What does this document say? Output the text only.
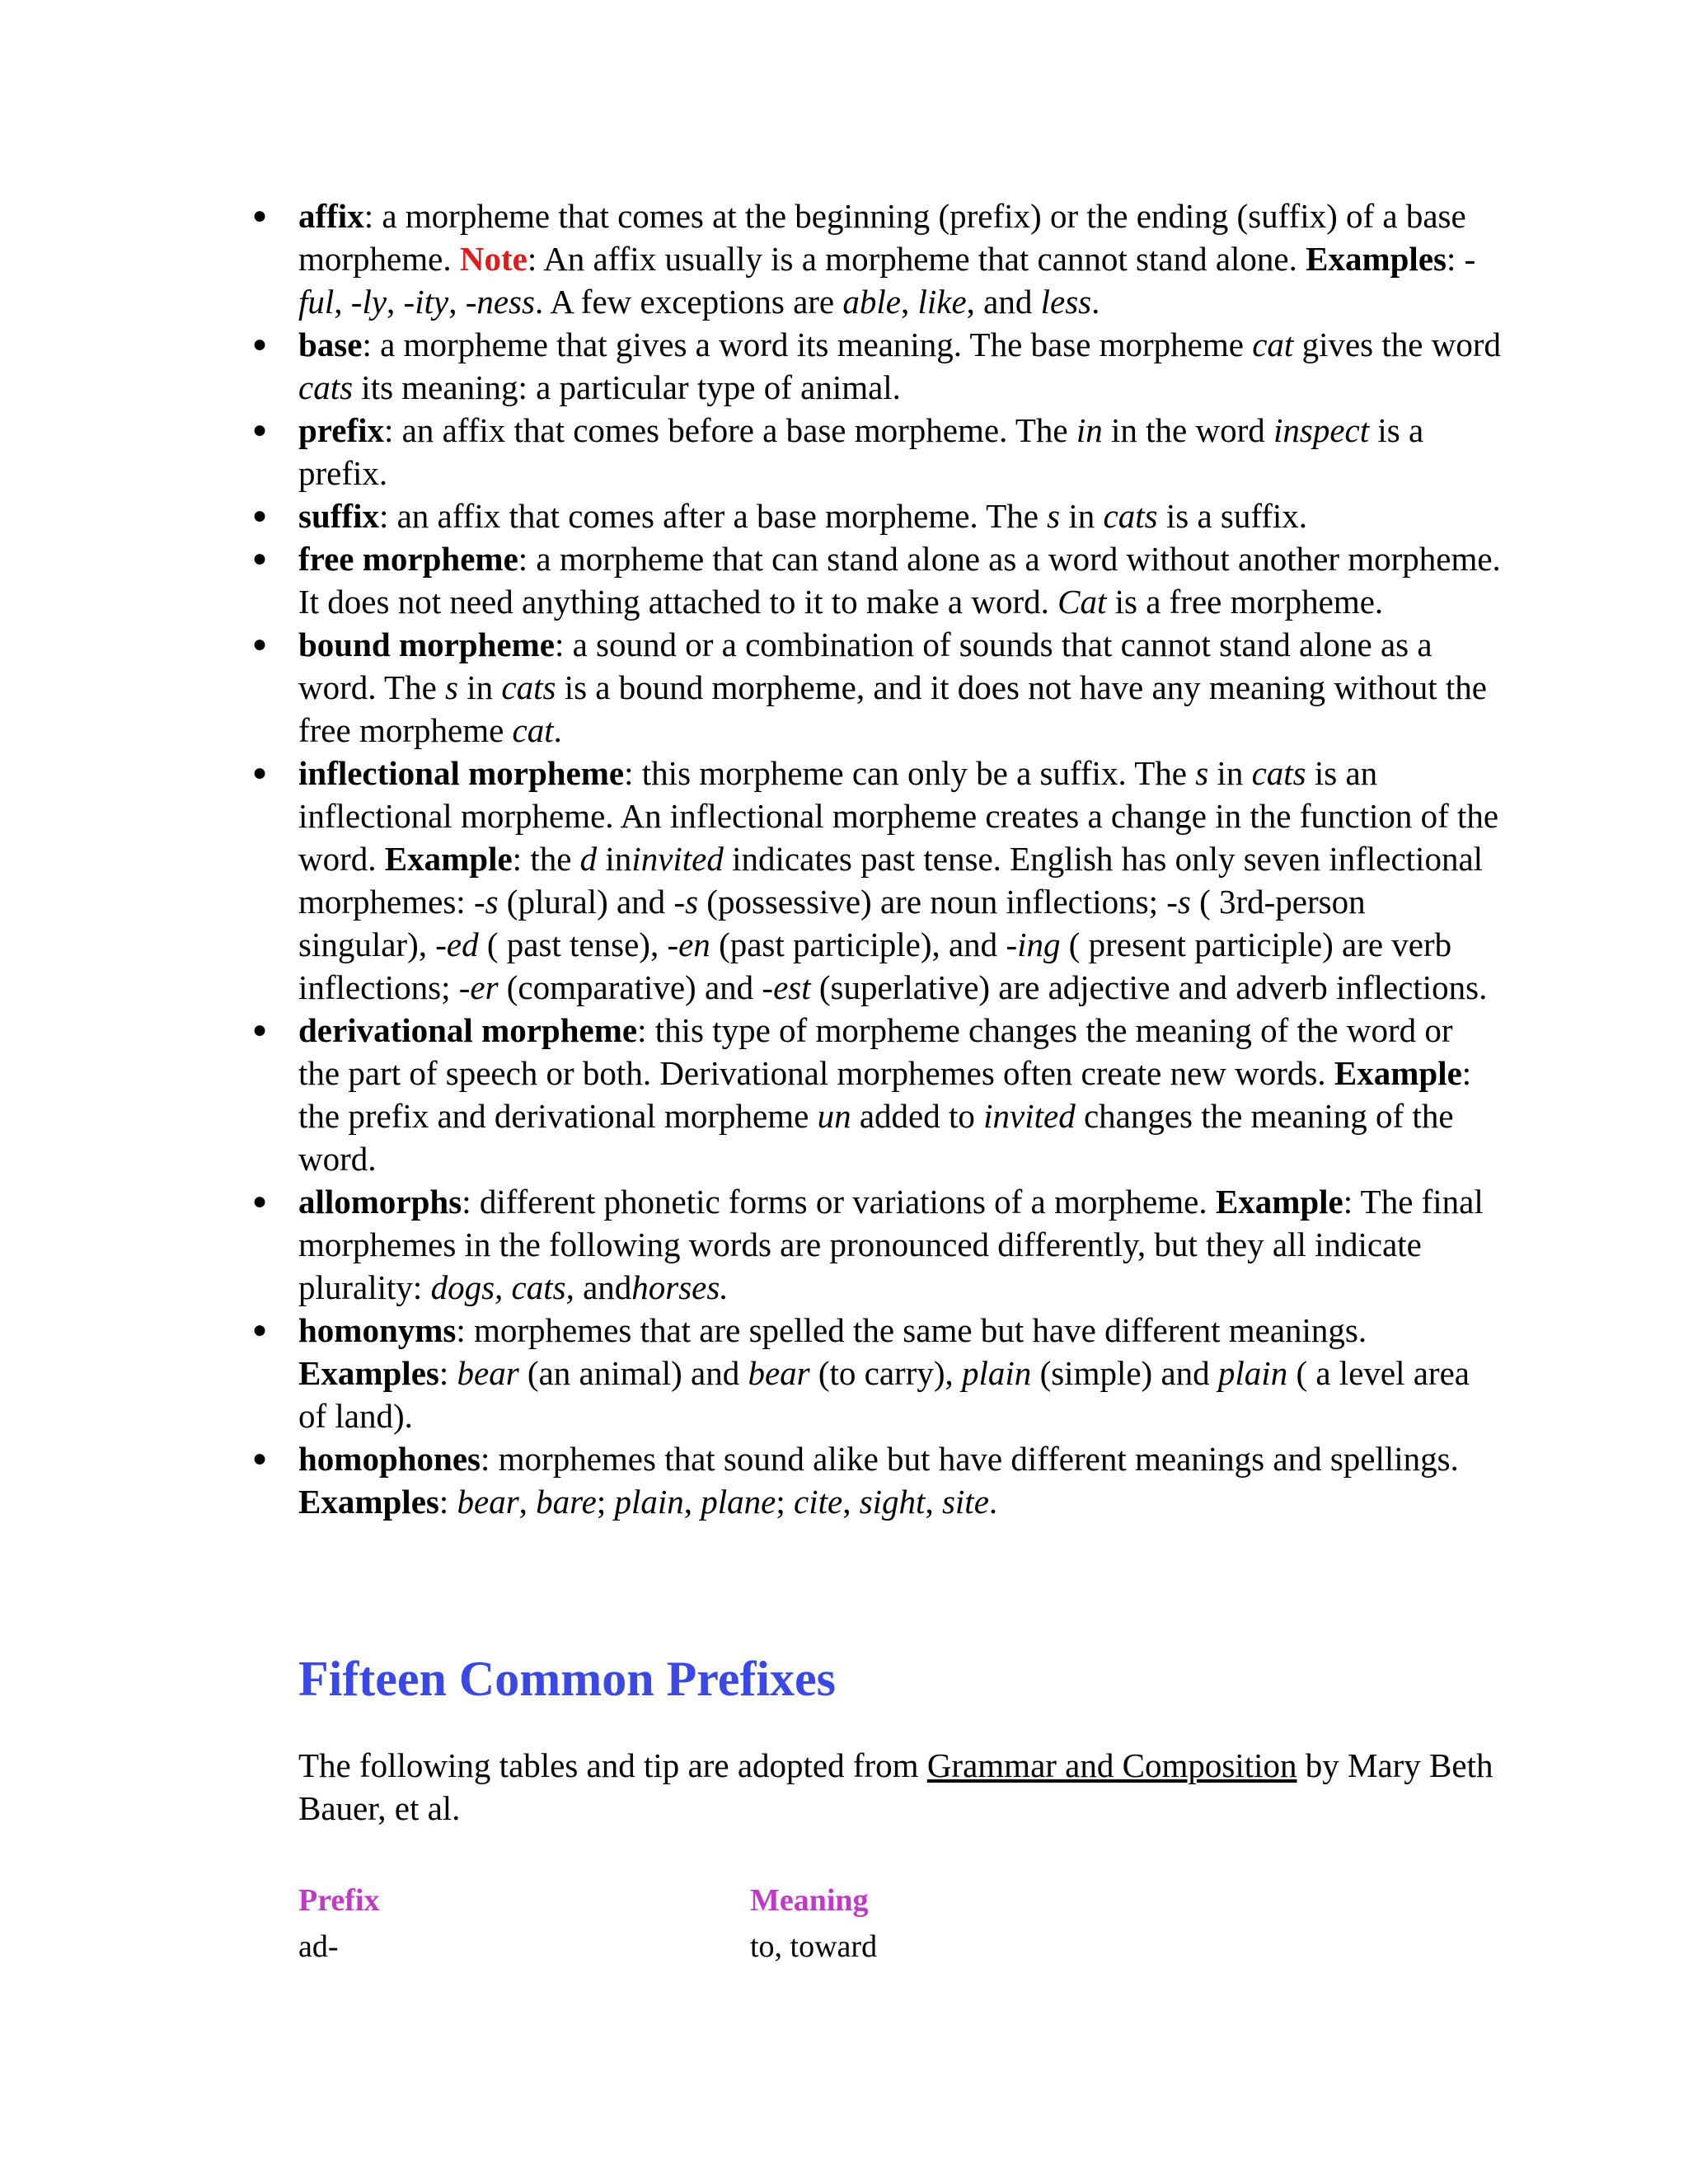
● affix: a morpheme that comes at the beginning (prefix) or the ending (suffix) of a base morpheme. Note: An affix usually is a morpheme that cannot stand alone. Examples: -ful, -ly, -ity, -ness. A few exceptions are able, like, and less.
● base: a morpheme that gives a word its meaning. The base morpheme cat gives the word cats its meaning: a particular type of animal.
● prefix: an affix that comes before a base morpheme. The in in the word inspect is a prefix.
● suffix: an affix that comes after a base morpheme. The s in cats is a suffix.
● free morpheme: a morpheme that can stand alone as a word without another morpheme. It does not need anything attached to it to make a word. Cat is a free morpheme.
● bound morpheme: a sound or a combination of sounds that cannot stand alone as a word. The s in cats is a bound morpheme, and it does not have any meaning without the free morpheme cat.
● inflectional morpheme: this morpheme can only be a suffix. The s in cats is an inflectional morpheme. An inflectional morpheme creates a change in the function of the word. Example: the d ininvited indicates past tense. English has only seven inflectional morphemes: -s (plural) and -s (possessive) are noun inflections; -s ( 3rd-person singular), -ed ( past tense), -en (past participle), and -ing ( present participle) are verb inflections; -er (comparative) and -est (superlative) are adjective and adverb inflections.
● derivational morpheme: this type of morpheme changes the meaning of the word or the part of speech or both. Derivational morphemes often create new words. Example: the prefix and derivational morpheme un added to invited changes the meaning of the word.
● allomorphs: different phonetic forms or variations of a morpheme. Example: The final morphemes in the following words are pronounced differently, but they all indicate plurality: dogs, cats, andhorses.
● homonyms: morphemes that are spelled the same but have different meanings. Examples: bear (an animal) and bear (to carry), plain (simple) and plain ( a level area of land).
● homophones: morphemes that sound alike but have different meanings and spellings. Examples: bear, bare; plain, plane; cite, sight, site.
Fifteen Common Prefixes

The following tables and tip are adopted from Grammar and Composition by Mary Beth Bauer, et al.

Prefix	Meaning
ad-	to, toward
